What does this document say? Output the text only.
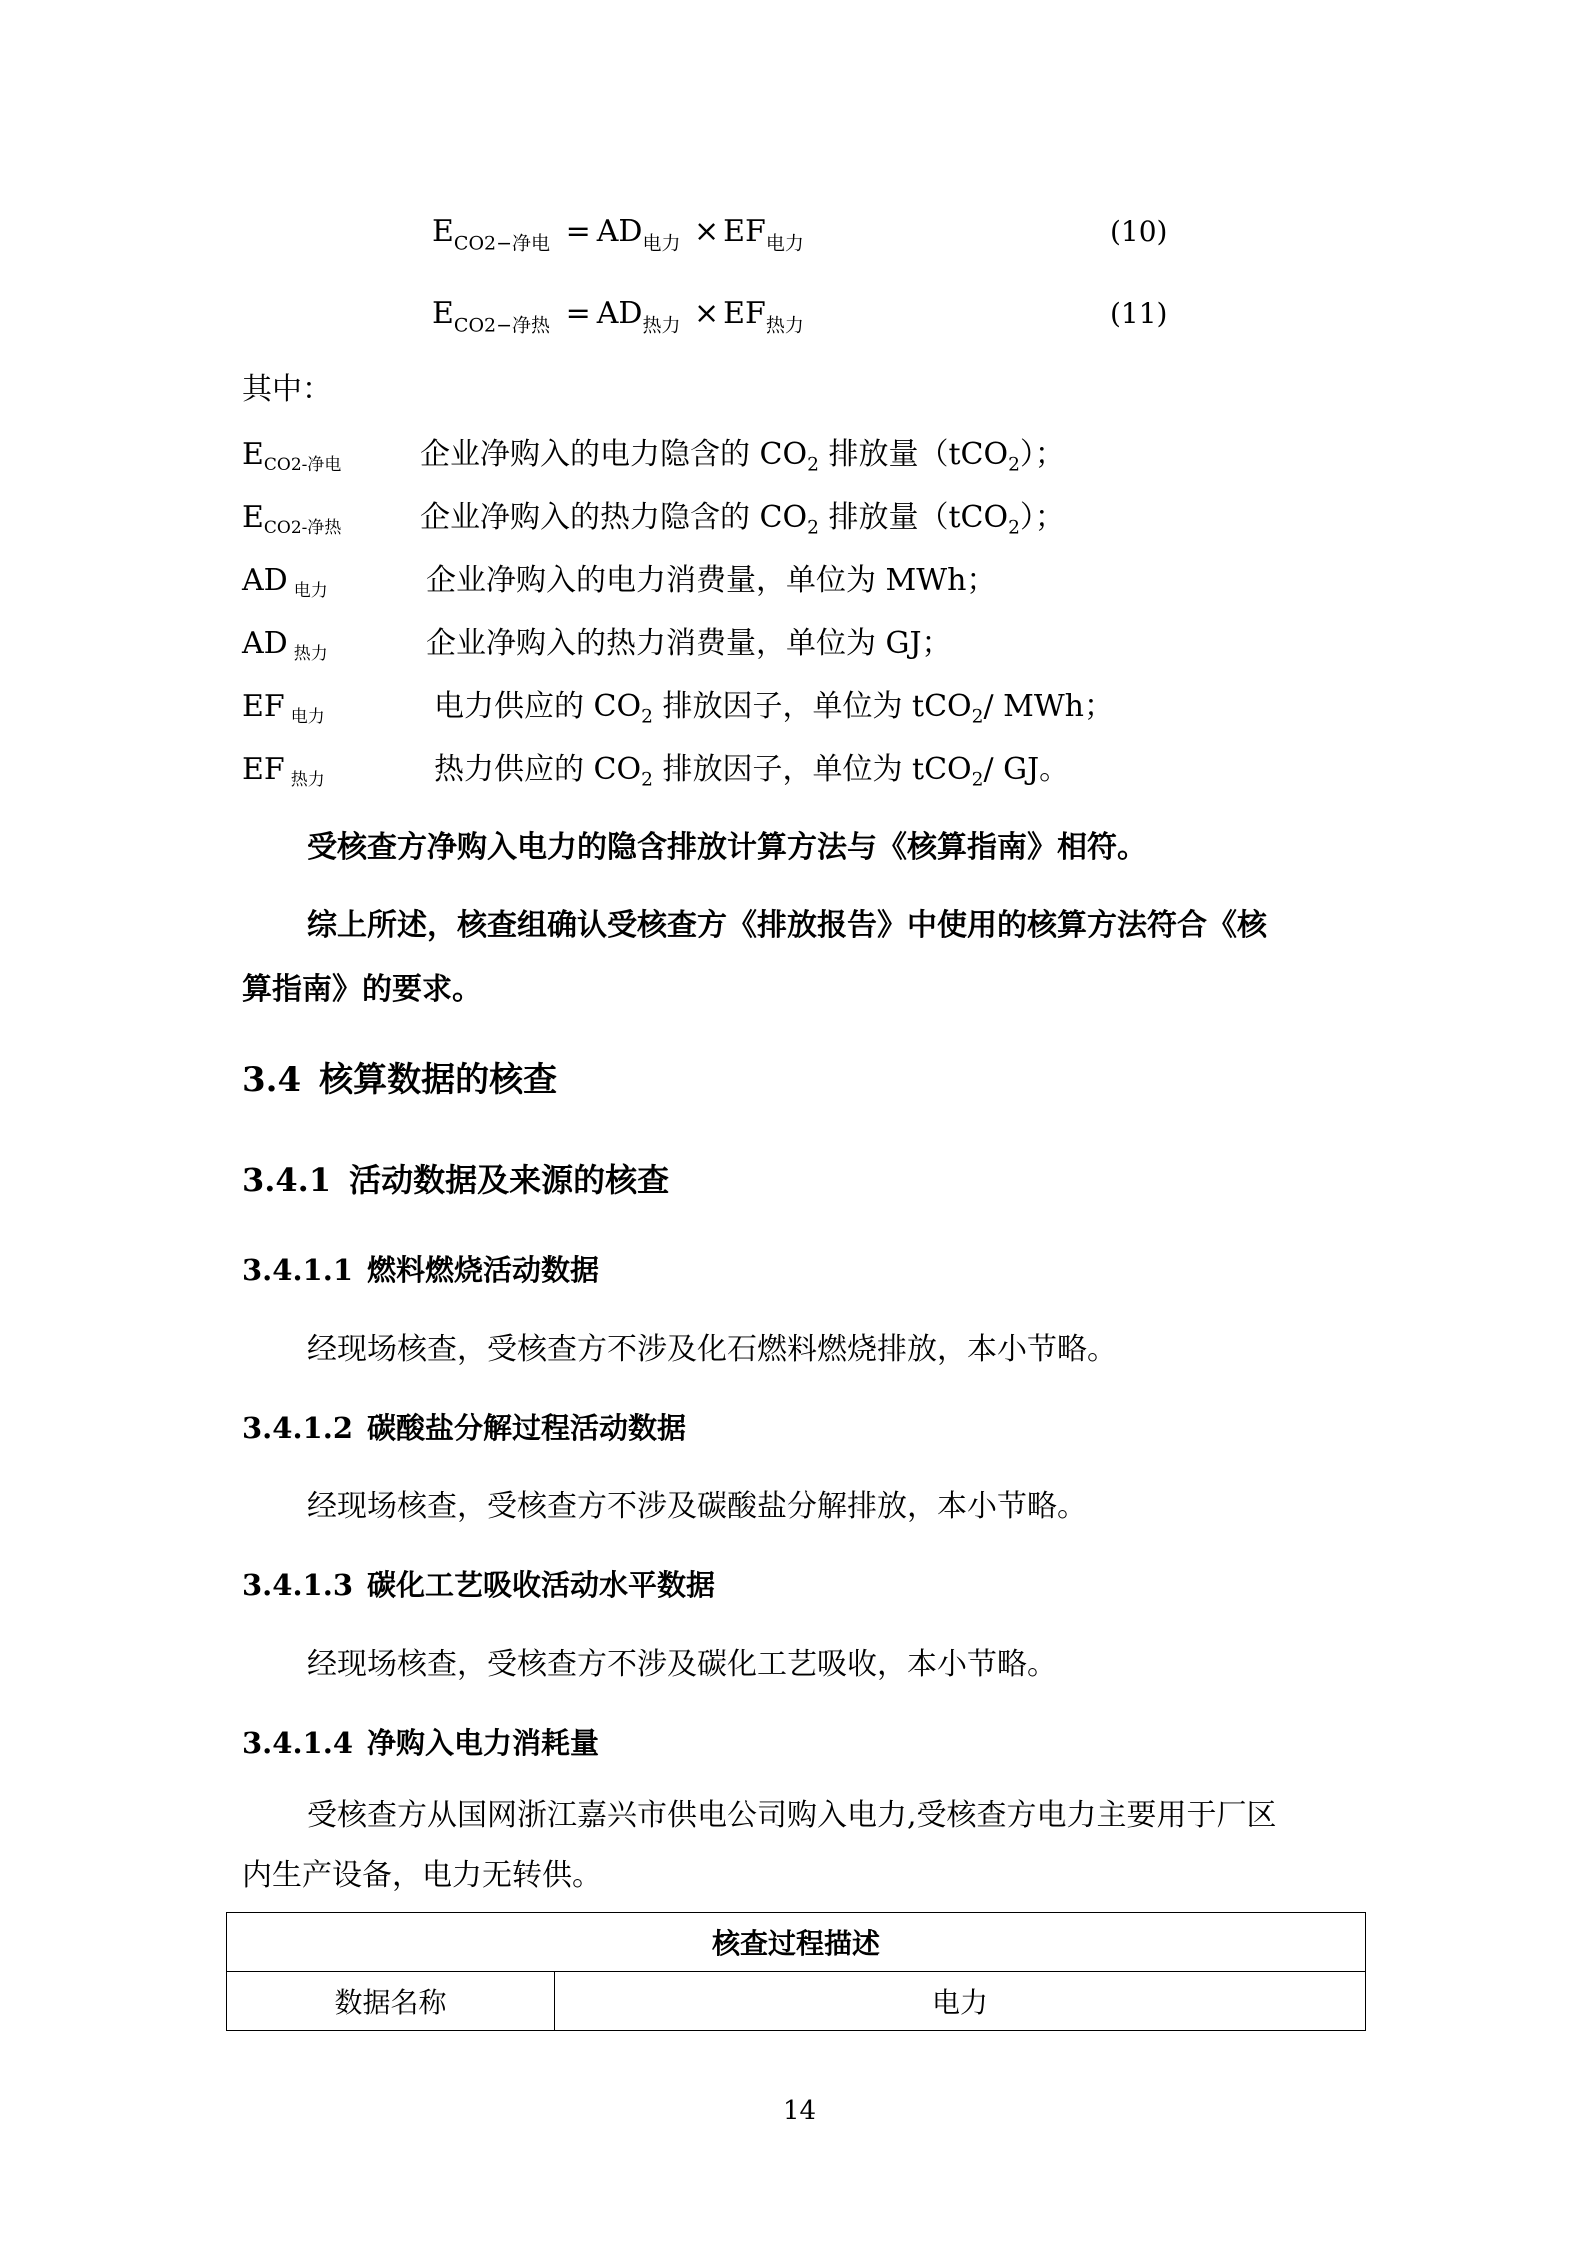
$E_{CO2-净电} = AD_{电力} \times EF_{电力}$	(10)
$E_{CO2-净热} = AD_{热力} \times EF_{热力}$	(11)
其中：
$E_{CO2-净电}$	企业净购入的电力隐含的 $CO_2$ 排放量（tCO$_2$）；
$E_{CO2-净热}$	企业净购入的热力隐含的 $CO_2$ 排放量（tCO$_2$）；
AD $_{电力}$	企业净购入的电力消费量，单位为 MWh；
AD $_{热力}$	企业净购入的热力消费量，单位为 GJ；
EF $_{电力}$	电力供应的 $CO_2$ 排放因子，单位为 tCO$_2$/ MWh；
EF $_{热力}$	热力供应的 $CO_2$ 排放因子，单位为 tCO$_2$/ GJ。
受核查方净购入电力的隐含排放计算方法与《核算指南》相符。
综上所述，核查组确认受核查方《排放报告》中使用的核算方法符合《核
算指南》的要求。
3.4 核算数据的核查
3.4.1 活动数据及来源的核查
3.4.1.1 燃料燃烧活动数据
经现场核查，受核查方不涉及化石燃料燃烧排放，本小节略。
3.4.1.2 碳酸盐分解过程活动数据
经现场核查，受核查方不涉及碳酸盐分解排放，本小节略。
3.4.1.3 碳化工艺吸收活动水平数据
经现场核查，受核查方不涉及碳化工艺吸收，本小节略。
3.4.1.4 净购入电力消耗量
受核查方从国网浙江嘉兴市供电公司购入电力,受核查方电力主要用于厂区
内生产设备，电力无转供。
核查过程描述
数据名称	电力
14
